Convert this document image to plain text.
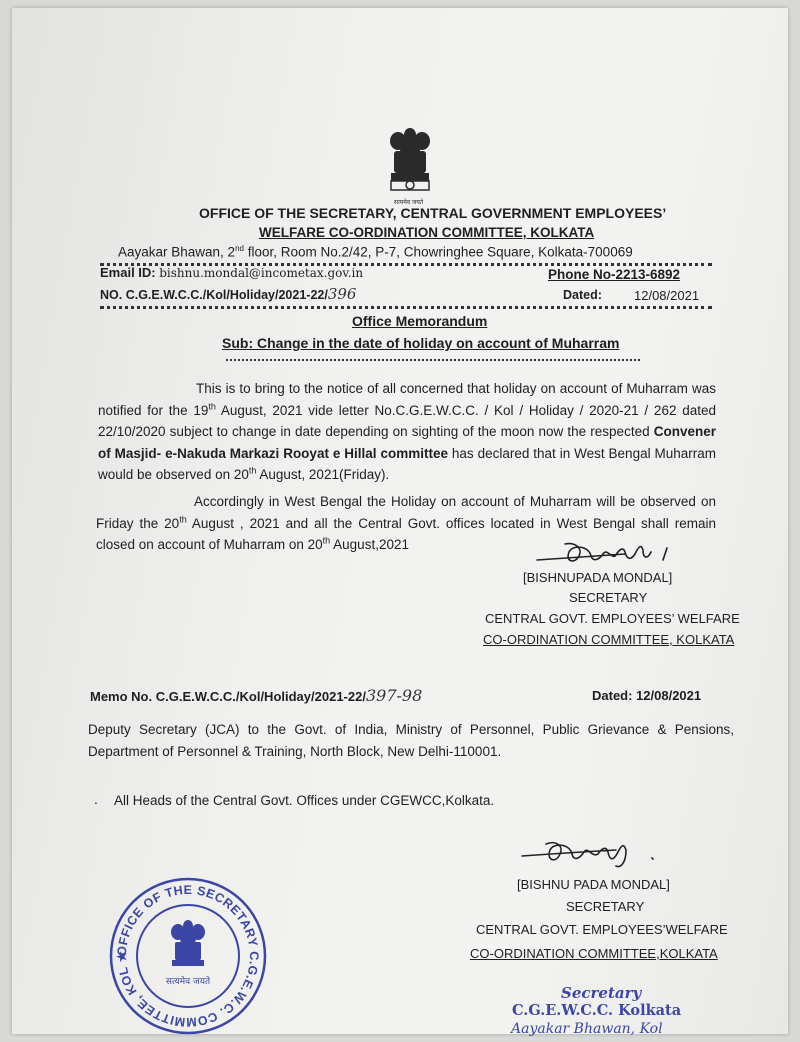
सत्यमेव जयते
OFFICE OF THE SECRETARY, CENTRAL GOVERNMENT EMPLOYEES’
WELFARE CO-ORDINATION COMMITTEE, KOLKATA
Aayakar Bhawan, 2nd floor, Room No.2/42, P-7, Chowringhee Square, Kolkata-700069
Email ID: bishnu.mondal@incometax.gov.in	Phone No-2213-6892
NO. C.G.E.W.C.C./Kol/Holiday/2021-22/396	Dated: 12/08/2021
Office Memorandum
Sub: Change in the date of holiday on account of Muharram
This is to bring to the notice of all concerned that holiday on account of Muharram was notified for the 19th August, 2021 vide letter No.C.G.E.W.C.C. / Kol / Holiday / 2020-21 / 262 dated 22/10/2020 subject to change in date depending on sighting of the moon now the respected Convener of Masjid- e-Nakuda Markazi Rooyat e Hillal committee has declared that in West Bengal Muharram would be observed on 20th August, 2021(Friday).
Accordingly in West Bengal the Holiday on account of Muharram will be observed on Friday the 20th August , 2021 and all the Central Govt. offices located in West Bengal shall remain closed on account of Muharram on 20th August,2021
[BISHNUPADA MONDAL]
SECRETARY
CENTRAL GOVT. EMPLOYEES’ WELFARE
CO-ORDINATION COMMITTEE, KOLKATA
Memo No. C.G.E.W.C.C./Kol/Holiday/2021-22/397-98	Dated: 12/08/2021
Deputy Secretary (JCA) to the Govt. of India, Ministry of Personnel, Public Grievance & Pensions, Department of Personnel & Training, North Block, New Delhi-110001.
. All Heads of the Central Govt. Offices under CGEWCC,Kolkata.
[BISHNU PADA MONDAL]
SECRETARY
CENTRAL GOVT. EMPLOYEES’WELFARE
CO-ORDINATION COMMITTEE,KOLKATA
OFFICE OF THE SECRETARY C.G.E.W.C. COMMITTEE, KOL ★
सत्यमेव जयते
Secretary
C.G.E.W.C.C. Kolkata
Aayakar Bhawan, Kol
